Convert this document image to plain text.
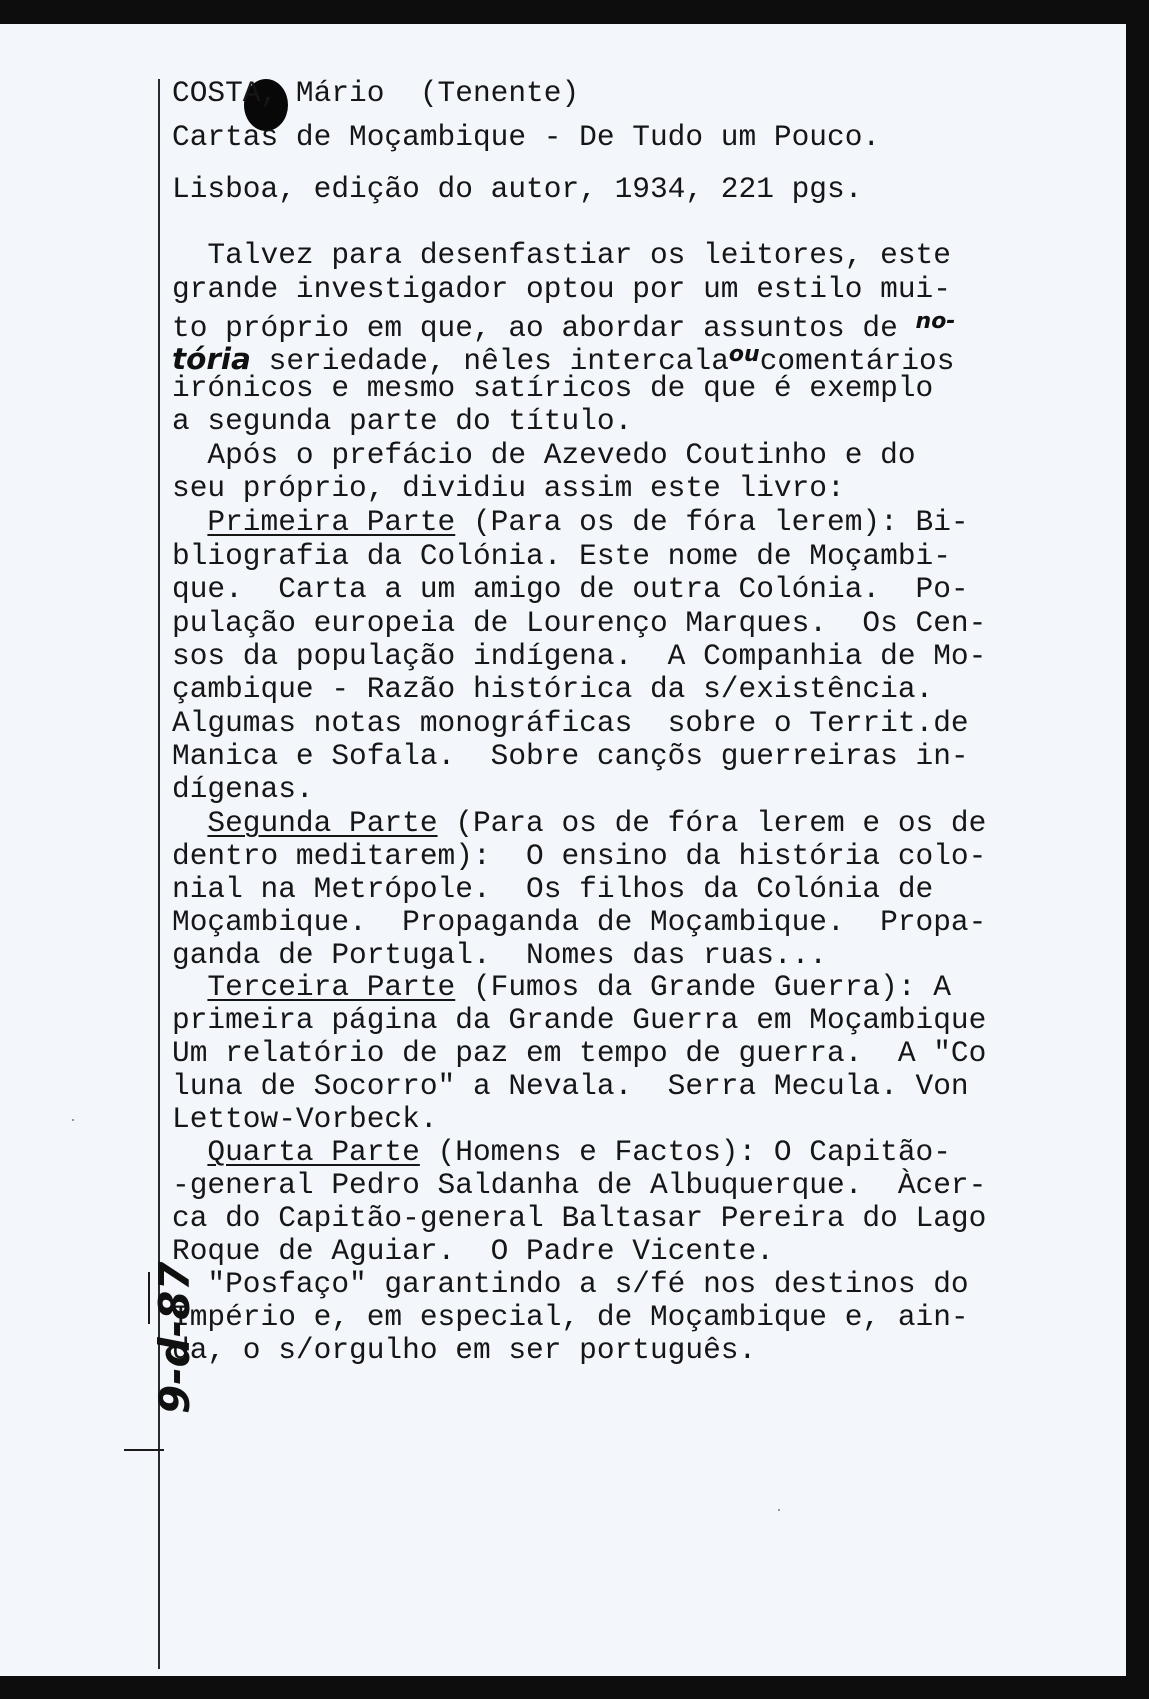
COSTA, Mário  (Tenente)

Cartas de Moçambique - De Tudo um Pouco.

Lisboa, edição do autor, 1934, 221 pgs.

Talvez para desenfastiar os leitores, este

grande investigador optou por um estilo mui-

to próprio em que, ao abordar assuntos de $^{no-}$

tória seriedade, nêles intercala$^{ou}$comentários

irónicos e mesmo satíricos de que é exemplo

a segunda parte do título.

Após o prefácio de Azevedo Coutinho e do

seu próprio, dividiu assim este livro:

Primeira Parte (Para os de fóra lerem): Bi-

bliografia da Colónia. Este nome de Moçambi-

que.  Carta a um amigo de outra Colónia.  Po-

pulação europeia de Lourenço Marques.  Os Cen-

sos da população indígena.  A Companhia de Mo-

çambique - Razão histórica da s/existência.

Algumas notas monográficas  sobre o Territ.de

Manica e Sofala.  Sobre cançõs guerreiras in-

dígenas.

Segunda Parte (Para os de fóra lerem e os de

dentro meditarem):  O ensino da história colo-

nial na Metrópole.  Os filhos da Colónia de

Moçambique.  Propaganda de Moçambique.  Propa-

ganda de Portugal.  Nomes das ruas...

Terceira Parte (Fumos da Grande Guerra): A

primeira página da Grande Guerra em Moçambique

Um relatório de paz em tempo de guerra.  A "Co

luna de Socorro" a Nevala.  Serra Mecula. Von

Lettow-Vorbeck.

Quarta Parte (Homens e Factos): O Capitão-

-general Pedro Saldanha de Albuquerque.  Àcer-

ca do Capitão-general Baltasar Pereira do Lago

Roque de Aguiar.  O Padre Vicente.

"Posfaço" garantindo a s/fé nos destinos do

Império e, em especial, de Moçambique e, ain-

da, o s/orgulho em ser português.

9-d-87
